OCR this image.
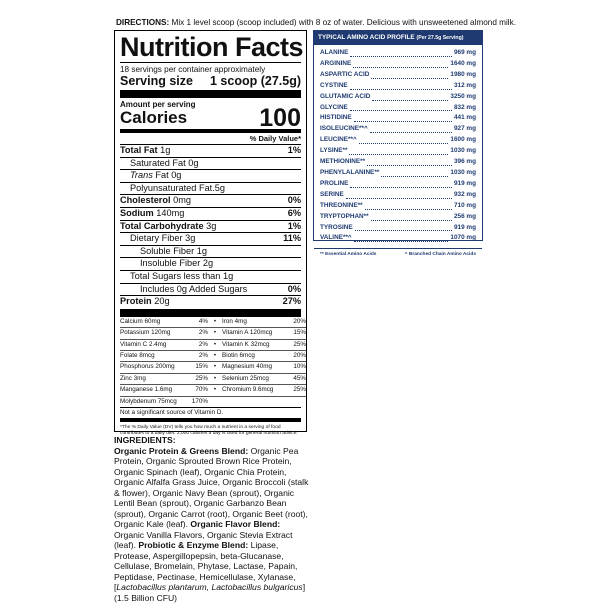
DIRECTIONS: Mix 1 level scoop (scoop included) with 8 oz of water. Delicious with unsweetened almond milk.
Nutrition Facts
18 servings per container approximately
Serving size 1 scoop (27.5g)
Amount per serving
Calories	100
% Daily Value*
Total Fat 1g	1%
Saturated Fat 0g
Trans Fat 0g
Polyunsaturated Fat.5g
Cholesterol 0mg	0%
Sodium 140mg	6%
Total Carbohydrate 3g	1%
Dietary Fiber 3g	11%
Soluble Fiber 1g
Insoluble Fiber 2g
Total Sugars less than 1g
Includes 0g Added Sugars	0%
Protein 20g	27%
Calcium 60mg	4% • Iron 4mg	20%
Potassium 120mg	2% • Vitamin A 120mcg	15%
Vitamin C 2.4mg	2% • Vitamin K 32mcg	25%
Folate 8mcg	2% • Biotin 6mcg	20%
Phosphorus 200mg	15% • Magnesium 40mg	10%
Zinc 3mg	25% • Selenium 25mcg	45%
Manganese 1.6mg	70% • Chromium 9.6mcg	25%
Molybdenum 75mcg	170%
Not a significant source of Vitamin D.
*The % Daily Value (DV) tells you how much a nutrient in a serving of food contributes to a daily diet. 2,000 calories a day is used for general nutrition advice.
INGREDIENTS:
Organic Protein & Greens Blend: Organic Pea Protein, Organic Sprouted Brown Rice Protein, Organic Spinach (leaf), Organic Chia Protein, Organic Alfalfa Grass Juice, Organic Broccoli (stalk & flower), Organic Navy Bean (sprout), Organic Lentil Bean (sprout), Organic Garbanzo Bean (sprout), Organic Carrot (root), Organic Beet (root), Organic Kale (leaf). Organic Flavor Blend: Organic Vanilla Flavors, Organic Stevia Extract (leaf). Probiotic & Enzyme Blend: Lipase, Protease, Aspergillopepsin, beta-Glucanase, Cellulase, Bromelain, Phytase, Lactase, Papain, Peptidase, Pectinase, Hemicellulase, Xylanase, [Lactobacillus plantarum, Lactobacillus bulgaricus] (1.5 Billion CFU)
TYPICAL AMINO ACID PROFILE (Per 27.5g Serving)
ALANINE	969 mg
ARGININE	1640 mg
ASPARTIC ACID	1980 mg
CYSTINE	312 mg
GLUTAMIC ACID	3250 mg
GLYCINE	832 mg
HISTIDINE	441 mg
ISOLEUCINE**^	927 mg
LEUCINE**^	1600 mg
LYSINE**	1030 mg
METHIONINE**	396 mg
PHENYLALANINE**	1030 mg
PROLINE	919 mg
SERINE	932 mg
THREONINE**	710 mg
TRYPTOPHAN**	256 mg
TYROSINE	919 mg
VALINE**^	1070 mg
** Essential Amino Acids	^ Branched Chain Amino Acids
